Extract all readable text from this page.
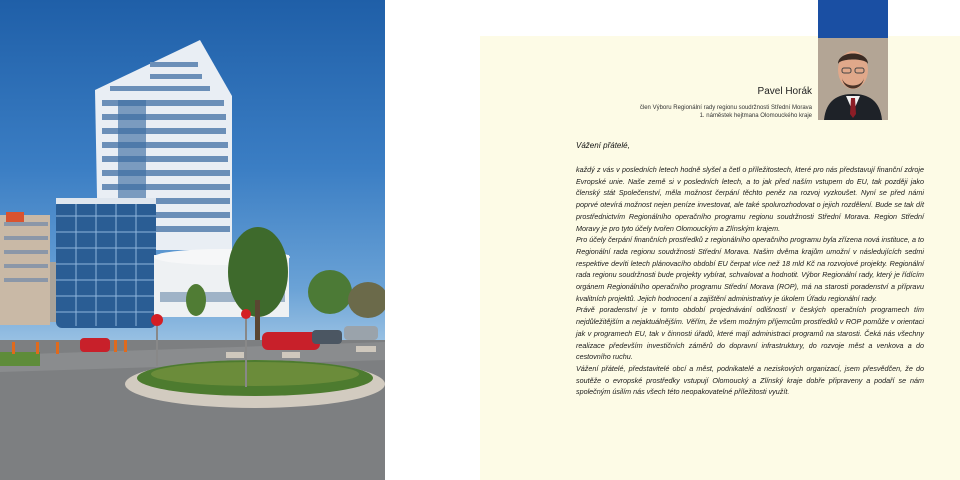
Pavel Horák
člen Výboru Regionální rady regionu soudržnosti Střední Morava
1. náměstek hejtmana Olomouckého kraje
Vážení přátelé,

každý z vás v posledních letech hodně slyšel a četl o příležitostech, které pro nás představují finanční zdroje Evropské unie. Naše země si v posledních letech, a to jak před naším vstupem do EU, tak později jako členský stát Společenství, měla možnost čerpání těchto peněz na rozvoj vyzkoušet. Nyní se před námi poprvé otevírá možnost nejen peníze investovat, ale také spolurozhodovat o jejich rozdělení. Bude se tak dít prostřednictvím Regionálního operačního programu regionu soudržnosti Střední Morava. Region Střední Moravy je pro tyto účely tvořen Olomouckým a Zlínským krajem.

Pro účely čerpání finančních prostředků z regionálního operačního programu byla zřízena nová instituce, a to Regionální rada regionu soudržnosti Střední Morava. Našim dvěma krajům umožní v následujících sedmi respektive devíti letech plánovacího období EU čerpat více než 18 mld Kč na rozvojové projekty. Regionální rada regionu soudržnosti bude projekty vybírat, schvalovat a hodnotit. Výbor Regionální rady, který je řídícím orgánem Regionálního operačního programu Střední Morava (ROP), má na starosti poradenství a přípravu kvalitních projektů. Jejich hodnocení a zajištění administrativy je úkolem Úřadu regionální rady.

Právě poradenství je v tomto období projednávání odlišností v českých operačních programech tím nejdůležitějším a nejaktuálnějším. Věřím, že všem možným příjemcům prostředků v ROP pomůže v orientaci jak v programech EU, tak v činnosti úřadů, které mají administraci programů na starosti. Čeká nás všechny realizace především investičních záměrů do dopravní infrastruktury, do rozvoje měst a venkova a do cestovního ruchu.

Vážení přátelé, představitelé obcí a měst, podnikatelé a neziskových organizací, jsem přesvědčen, že do soutěže o evropské prostředky vstupují Olomoucký a Zlínský kraje dobře připraveny a podaří se nám společným úsilím nás všech této neopakovatelné příležitosti využít.
